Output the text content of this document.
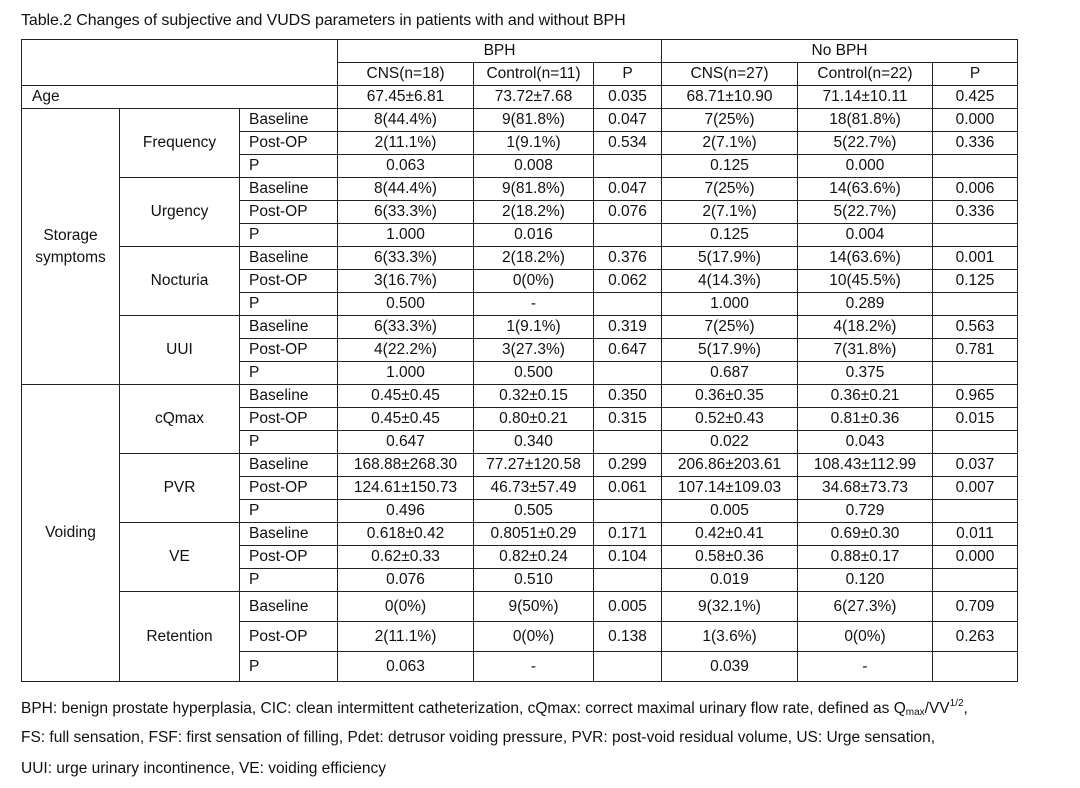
Table.2 Changes of subjective and VUDS parameters in patients with and without BPH
			BPH			No BPH		
			CNS(n=18)	Control(n=11)	P	CNS(n=27)	Control(n=22)	P
Age			67.45±6.81	73.72±7.68	0.035	68.71±10.90	71.14±10.11	0.425
Storage symptoms	Frequency	Baseline	8(44.4%)	9(81.8%)	0.047	7(25%)	18(81.8%)	0.000
		Post-OP	2(11.1%)	1(9.1%)	0.534	2(7.1%)	5(22.7%)	0.336
		P	0.063	0.008		0.125	0.000	
	Urgency	Baseline	8(44.4%)	9(81.8%)	0.047	7(25%)	14(63.6%)	0.006
		Post-OP	6(33.3%)	2(18.2%)	0.076	2(7.1%)	5(22.7%)	0.336
		P	1.000	0.016		0.125	0.004	
	Nocturia	Baseline	6(33.3%)	2(18.2%)	0.376	5(17.9%)	14(63.6%)	0.001
		Post-OP	3(16.7%)	0(0%)	0.062	4(14.3%)	10(45.5%)	0.125
		P	0.500	-		1.000	0.289	
	UUI	Baseline	6(33.3%)	1(9.1%)	0.319	7(25%)	4(18.2%)	0.563
		Post-OP	4(22.2%)	3(27.3%)	0.647	5(17.9%)	7(31.8%)	0.781
		P	1.000	0.500		0.687	0.375	
Voiding	cQmax	Baseline	0.45±0.45	0.32±0.15	0.350	0.36±0.35	0.36±0.21	0.965
		Post-OP	0.45±0.45	0.80±0.21	0.315	0.52±0.43	0.81±0.36	0.015
		P	0.647	0.340		0.022	0.043	
	PVR	Baseline	168.88±268.30	77.27±120.58	0.299	206.86±203.61	108.43±112.99	0.037
		Post-OP	124.61±150.73	46.73±57.49	0.061	107.14±109.03	34.68±73.73	0.007
		P	0.496	0.505		0.005	0.729	
	VE	Baseline	0.618±0.42	0.8051±0.29	0.171	0.42±0.41	0.69±0.30	0.011
		Post-OP	0.62±0.33	0.82±0.24	0.104	0.58±0.36	0.88±0.17	0.000
		P	0.076	0.510		0.019	0.120	
	Retention	Baseline	0(0%)	9(50%)	0.005	9(32.1%)	6(27.3%)	0.709
		Post-OP	2(11.1%)	0(0%)	0.138	1(3.6%)	0(0%)	0.263
		P	0.063	-		0.039	-	
BPH: benign prostate hyperplasia, CIC: clean intermittent catheterization, cQmax: correct maximal urinary flow rate, defined as $Q_{max}/VV^{1/2}$,
FS: full sensation, FSF: first sensation of filling, Pdet: detrusor voiding pressure, PVR: post-void residual volume, US: Urge sensation,
UUI: urge urinary incontinence, VE: voiding efficiency
